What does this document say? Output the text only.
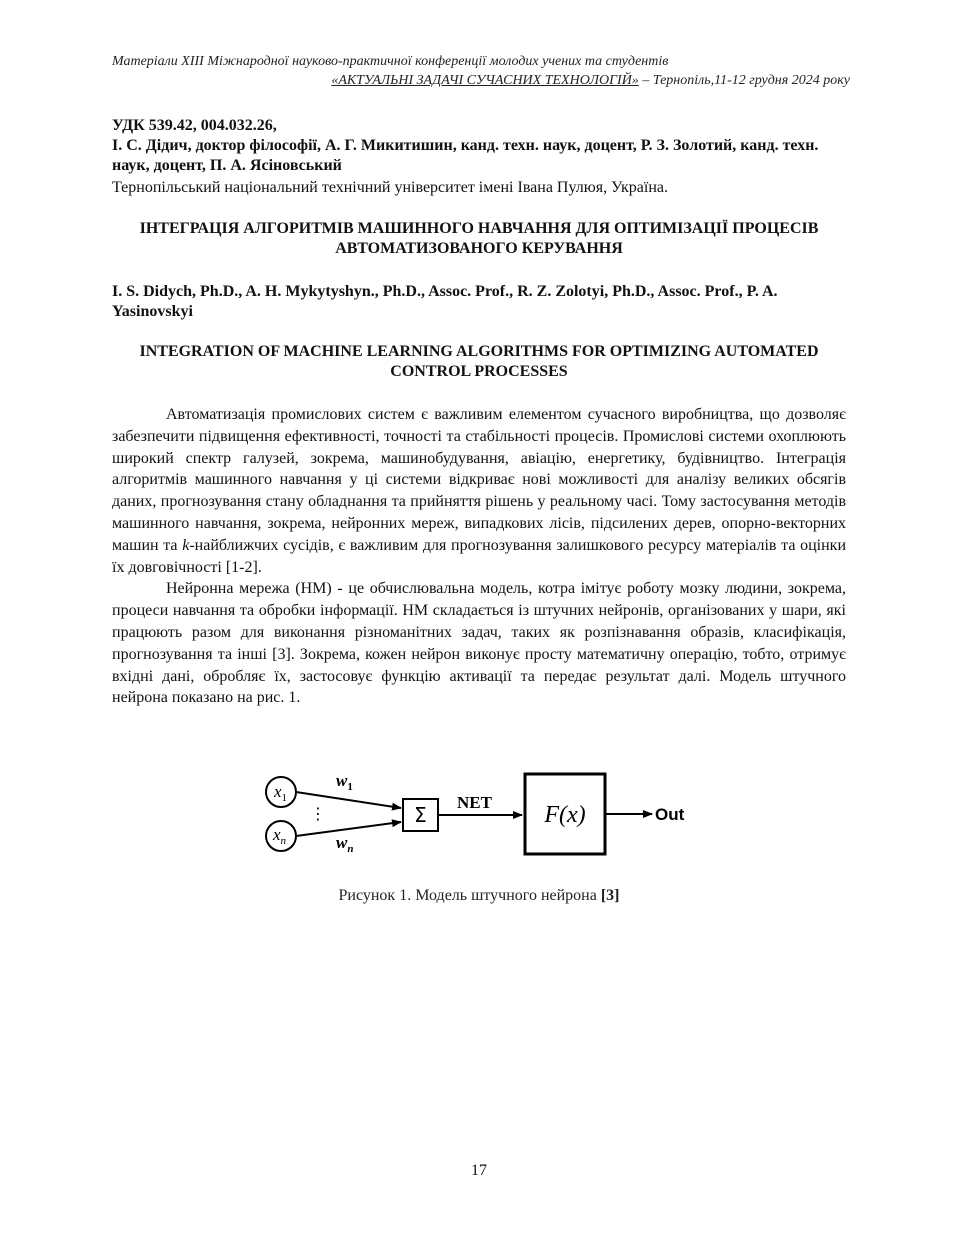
Матеріали XIII Міжнародної науково-практичної конференції молодих учених та студентів
«АКТУАЛЬНІ ЗАДАЧІ СУЧАСНИХ ТЕХНОЛОГІЙ» – Тернопіль,11-12 грудня 2024 року
УДК 539.42, 004.032.26,
І. С. Дідич, доктор філософії, А. Г. Микитишин, канд. техн. наук, доцент, Р. З. Золотий, канд. техн. наук, доцент, П. А. Ясіновський
Тернопільський національний технічний університет імені Івана Пулюя, Україна.
ІНТЕГРАЦІЯ АЛГОРИТМІВ МАШИННОГО НАВЧАННЯ ДЛЯ ОПТИМІЗАЦІЇ ПРОЦЕСІВ АВТОМАТИЗОВАНОГО КЕРУВАННЯ
I. S. Didych, Ph.D., A. H. Mykytyshyn., Ph.D., Assoc. Prof., R. Z. Zolotyi, Ph.D., Assoc. Prof., P. A. Yasinovskyi
INTEGRATION OF MACHINE LEARNING ALGORITHMS FOR OPTIMIZING AUTOMATED CONTROL PROCESSES

Автоматизація промислових систем є важливим елементом сучасного виробництва, що дозволяє забезпечити підвищення ефективності, точності та стабільності процесів. Промислові системи охоплюють широкий спектр галузей, зокрема, машинобудування, авіацію, енергетику, будівництво. Інтеграція алгоритмів машинного навчання у ці системи відкриває нові можливості для аналізу великих обсягів даних, прогнозування стану обладнання та прийняття рішень у реальному часі. Тому застосування методів машинного навчання, зокрема, нейронних мереж, випадкових лісів, підсилених дерев, опорно-векторних машин та k-найближчих сусідів, є важливим для прогнозування залишкового ресурсу матеріалів та оцінки їх довговічності [1-2].

Нейронна мережа (НМ) - це обчислювальна модель, котра імітує роботу мозку людини, зокрема, процеси навчання та обробки інформації. НМ складається із штучних нейронів, організованих у шари, які працюють разом для виконання різноманітних задач, таких як розпізнавання образів, класифікація, прогнозування та інші [3]. Зокрема, кожен нейрон виконує просту математичну операцію, тобто, отримує вхідні дані, обробляє їх, застосовує функцію активації та передає результат далі. Модель штучного нейрона показано на рис. 1.

$x_1$
$x_n$
⋮
$w_1$
$w_n$
Σ
NET F(x)	Out
Рисунок 1. Модель штучного нейрона [3]
17
